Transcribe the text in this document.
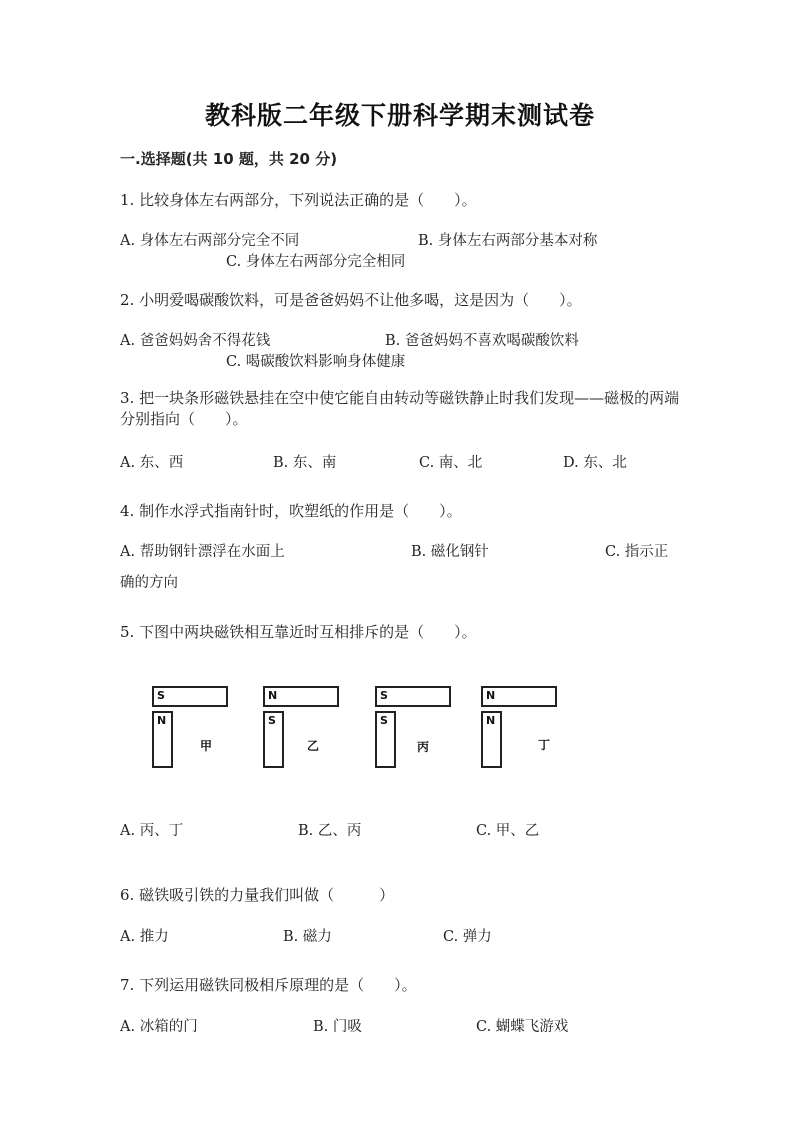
教科版二年级下册科学期末测试卷
一.选择题(共 10 题，共 20 分)
1. 比较身体左右两部分，下列说法正确的是（　　）。
A. 身体左右两部分完全不同	B. 身体左右两部分基本对称
C. 身体左右两部分完全相同
2. 小明爱喝碳酸饮料，可是爸爸妈妈不让他多喝，这是因为（　　）。
A. 爸爸妈妈舍不得花钱	B. 爸爸妈妈不喜欢喝碳酸饮料
C. 喝碳酸饮料影响身体健康
3. 把一块条形磁铁悬挂在空中使它能自由转动等磁铁静止时我们发现——磁极的两端分别指向（　　）。
A. 东、西	B. 东、南	C. 南、北	D. 东、北
4. 制作水浮式指南针时，吹塑纸的作用是（　　）。
A. 帮助钢针漂浮在水面上	B. 磁化钢针	C. 指示正
确的方向
5. 下图中两块磁铁相互靠近时互相排斥的是（　　）。
S
N
甲
N
S
乙
S
S
丙
N
N
丁
A. 丙、丁	B. 乙、丙	C. 甲、乙
6. 磁铁吸引铁的力量我们叫做（　　　）
A. 推力	B. 磁力	C. 弹力
7. 下列运用磁铁同极相斥原理的是（　　）。
A. 冰箱的门	B. 门吸	C. 蝴蝶飞游戏
